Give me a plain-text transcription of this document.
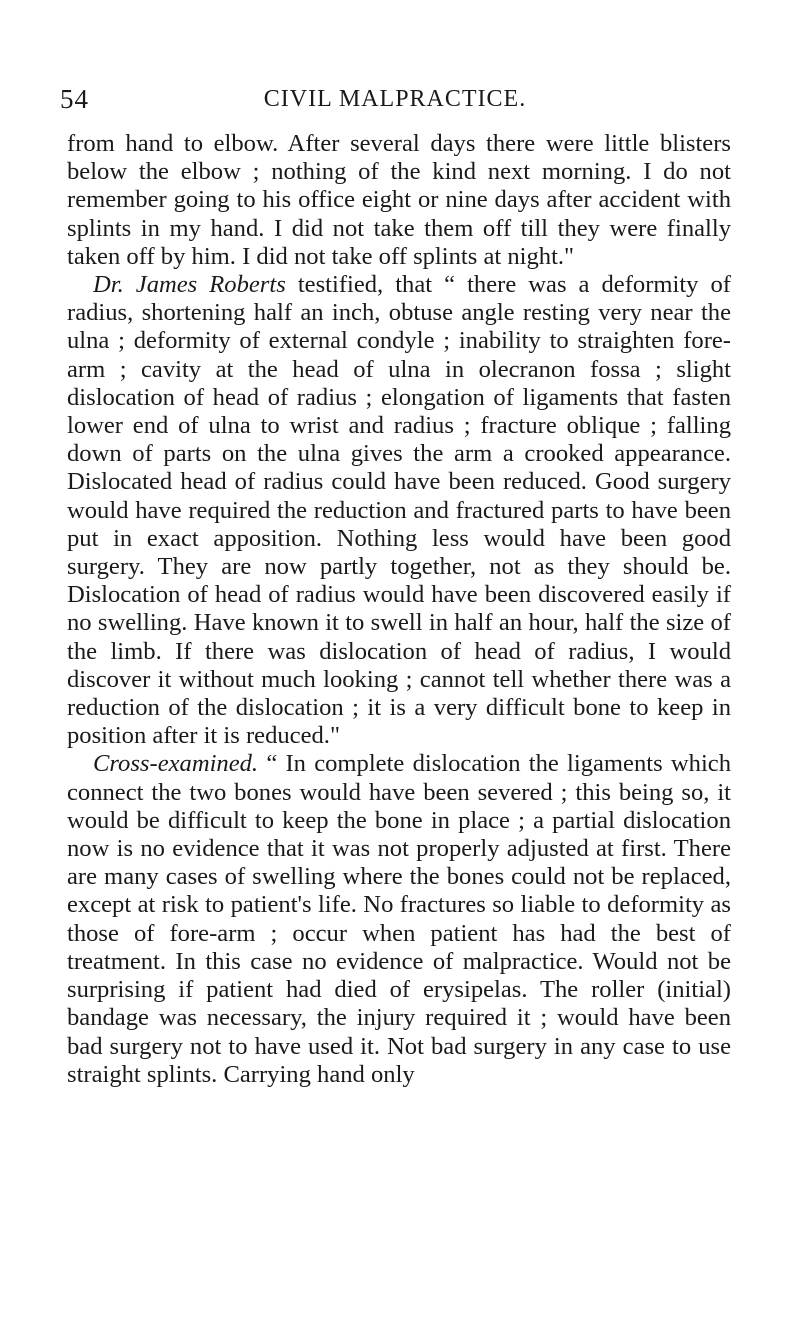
54	CIVIL MALPRACTICE.

from hand to elbow. After several days there were little blisters below the elbow ; nothing of the kind next morning. I do not remember going to his office eight or nine days after accident with splints in my hand. I did not take them off till they were finally taken off by him. I did not take off splints at night."

Dr. James Roberts testified, that “ there was a deformity of radius, shortening half an inch, obtuse angle resting very near the ulna ; deformity of external condyle ; inability to straighten fore-arm ; cavity at the head of ulna in olecranon fossa ; slight dislocation of head of radius ; elongation of ligaments that fasten lower end of ulna to wrist and radius ; fracture oblique ; falling down of parts on the ulna gives the arm a crooked appearance. Dislocated head of radius could have been reduced. Good surgery would have required the reduction and fractured parts to have been put in exact apposition. Nothing less would have been good surgery. They are now partly together, not as they should be. Dislocation of head of radius would have been discovered easily if no swelling. Have known it to swell in half an hour, half the size of the limb. If there was dislocation of head of radius, I would discover it without much looking ; cannot tell whether there was a reduction of the dislocation ; it is a very difficult bone to keep in position after it is reduced."

Cross-examined. “ In complete dislocation the ligaments which connect the two bones would have been severed ; this being so, it would be difficult to keep the bone in place ; a partial dislocation now is no evidence that it was not properly adjusted at first. There are many cases of swelling where the bones could not be replaced, except at risk to patient's life. No fractures so liable to deformity as those of fore-arm ; occur when patient has had the best of treatment. In this case no evidence of malpractice. Would not be surprising if patient had died of erysipelas. The roller (initial) bandage was necessary, the injury required it ; would have been bad surgery not to have used it. Not bad surgery in any case to use straight splints. Carrying hand only
